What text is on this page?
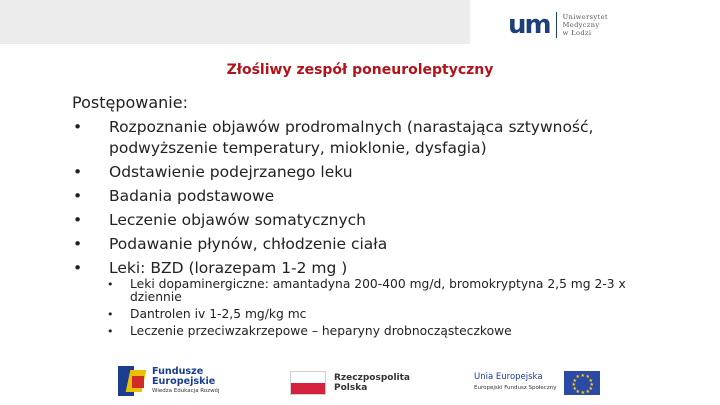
um Uniwersytet
Medyczny
w Łodzi
Złośliwy zespół poneuroleptyczny
Postępowanie:
• Rozpoznanie objawów prodromalnych (narastająca sztywność, podwyższenie temperatury, mioklonie, dysfagia)
• Odstawienie podejrzanego leku
• Badania podstawowe
• Leczenie objawów somatycznych
• Podawanie płynów, chłodzenie ciała
• Leki: BZD (lorazepam 1-2 mg )
• Leki dopaminergiczne: amantadyna 200-400 mg/d, bromokryptyna 2,5 mg 2-3 x dziennie
• Dantrolen iv 1-2,5 mg/kg mc
• Leczenie przeciwzakrzepowe – heparyny drobnocząsteczkowe
Fundusze
Europejskie
Wiedza Edukacja Rozwój
Rzeczpospolita
Polska
Unia Europejska
Europejski Fundusz Społeczny
★ ★
★
★
★
★
★
★
★
★
★
★
